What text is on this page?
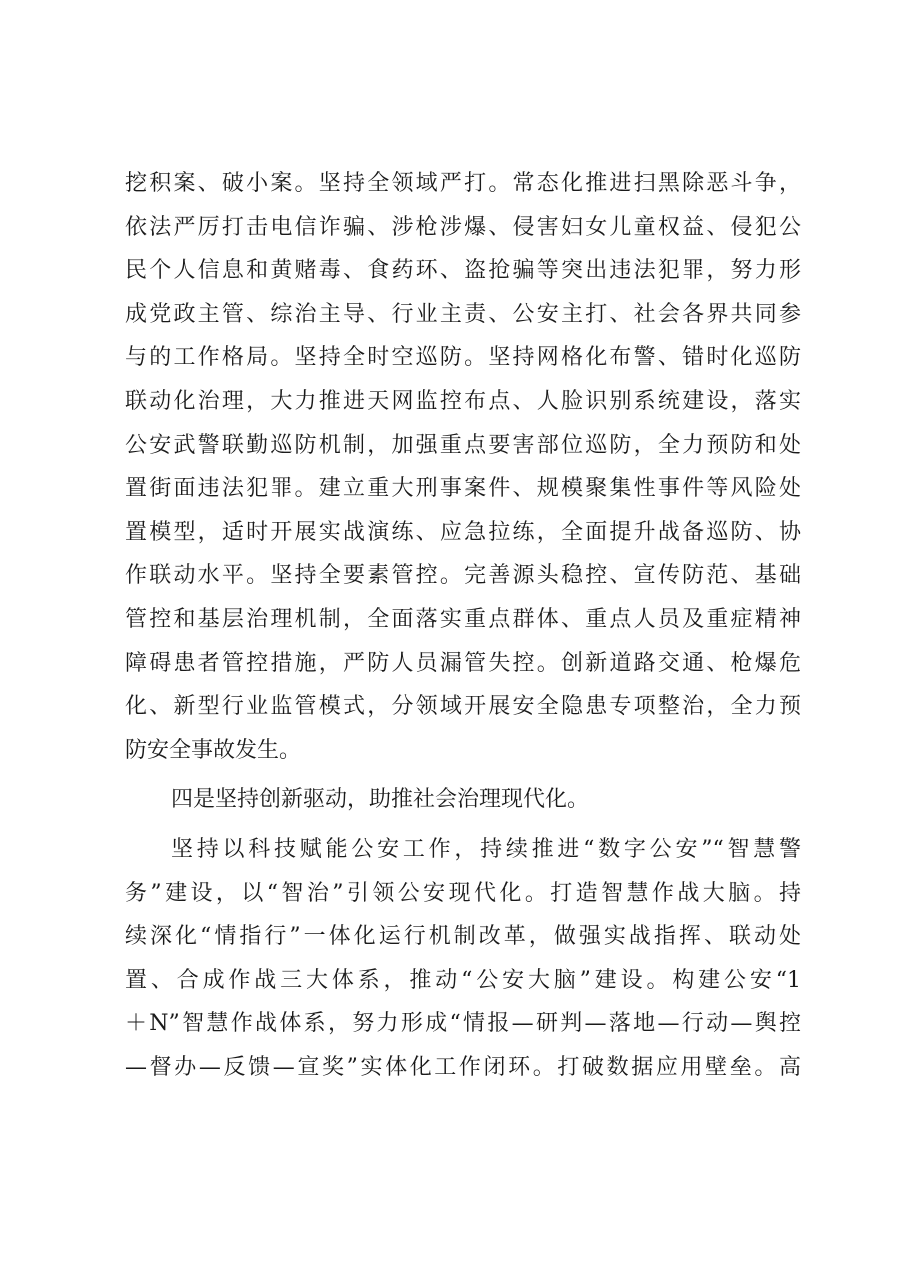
挖积案、破小案。坚持全领域严打。常态化推进扫黑除恶斗争，
依法严厉打击电信诈骗、涉枪涉爆、侵害妇女儿童权益、侵犯公
民个人信息和黄赌毒、食药环、盗抢骗等突出违法犯罪，努力形
成党政主管、综治主导、行业主责、公安主打、社会各界共同参
与的工作格局。坚持全时空巡防。坚持网格化布警、错时化巡防
联动化治理，大力推进天网监控布点、人脸识别系统建设，落实
公安武警联勤巡防机制，加强重点要害部位巡防，全力预防和处
置街面违法犯罪。建立重大刑事案件、规模聚集性事件等风险处
置模型，适时开展实战演练、应急拉练，全面提升战备巡防、协
作联动水平。坚持全要素管控。完善源头稳控、宣传防范、基础
管控和基层治理机制，全面落实重点群体、重点人员及重症精神
障碍患者管控措施，严防人员漏管失控。创新道路交通、枪爆危
化、新型行业监管模式，分领域开展安全隐患专项整治，全力预
防安全事故发生。
四是坚持创新驱动，助推社会治理现代化。
坚持以科技赋能公安工作，持续推进“数字公安”“智慧警
务”建设，以“智治”引领公安现代化。打造智慧作战大脑。持
续深化“情指行”一体化运行机制改革，做强实战指挥、联动处
置、合成作战三大体系，推动“公安大脑”建设。构建公安“1
＋N”智慧作战体系，努力形成“情报—研判—落地—行动—舆控
—督办—反馈—宣奖”实体化工作闭环。打破数据应用壁垒。高
